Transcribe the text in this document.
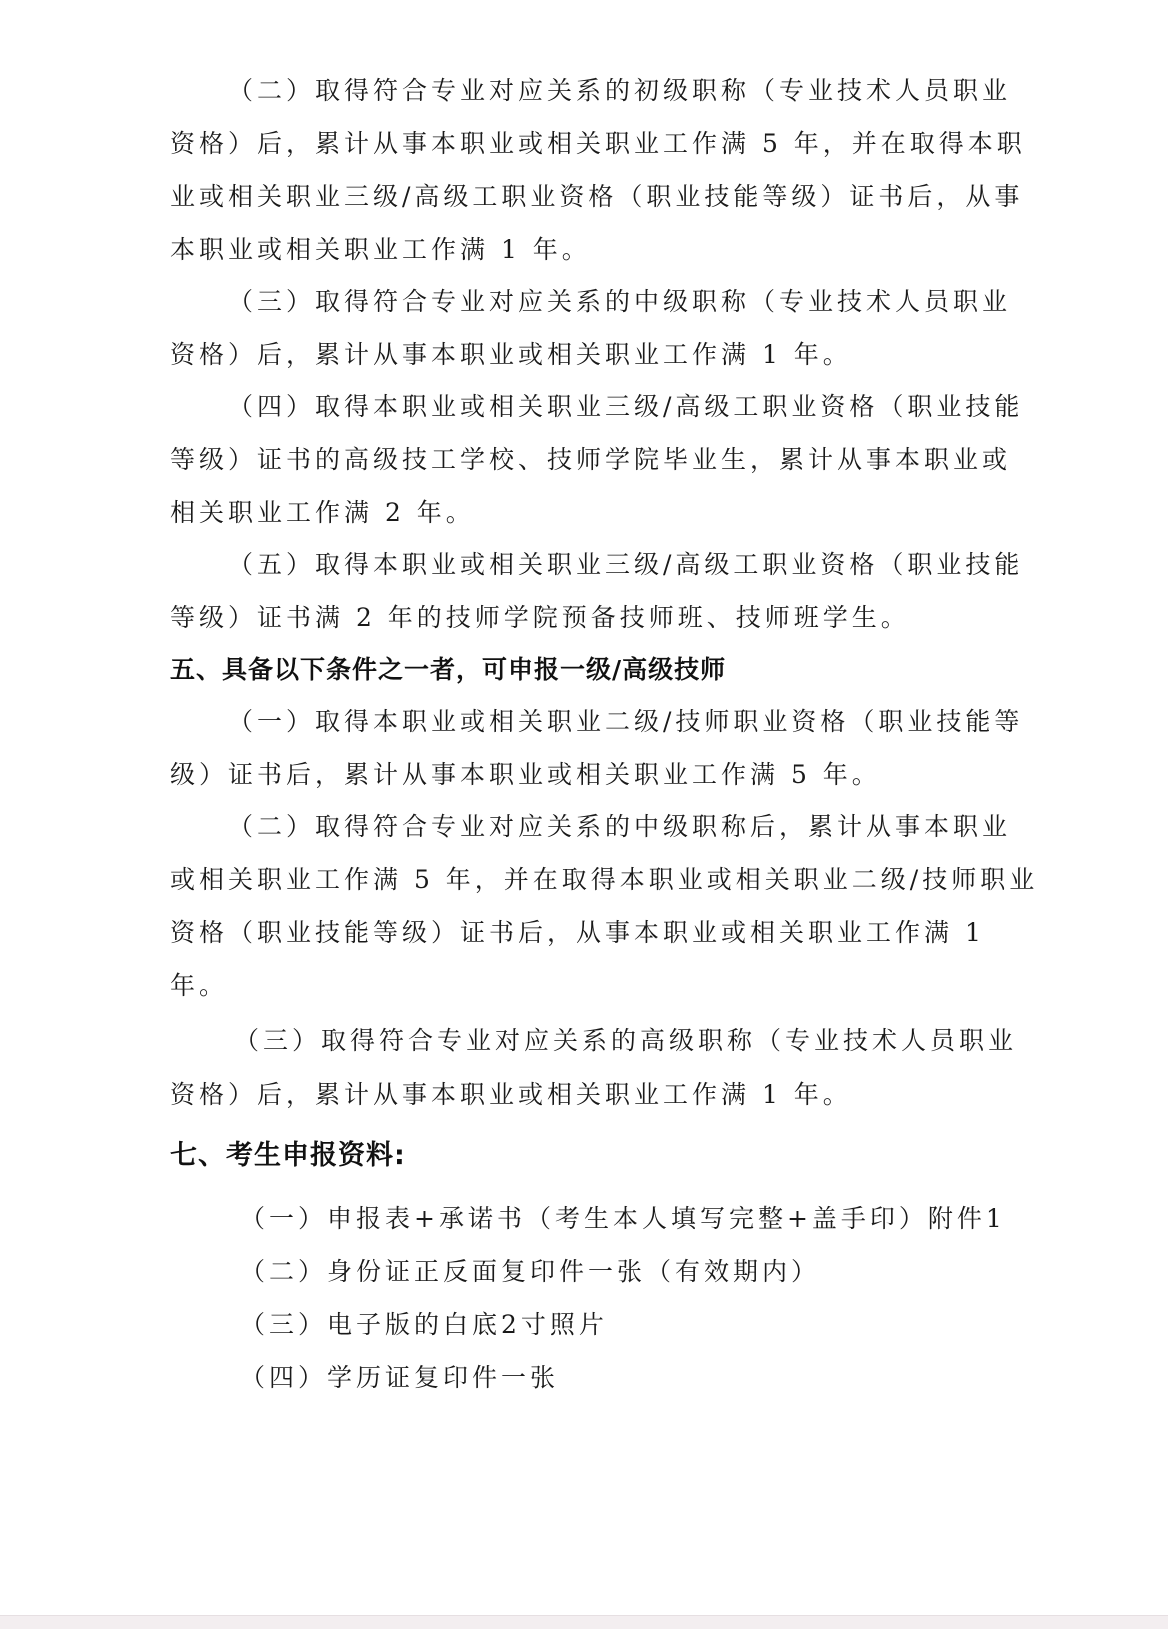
（二）取得符合专业对应关系的初级职称（专业技术人员职业
资格）后，累计从事本职业或相关职业工作满 5 年，并在取得本职
业或相关职业三级/高级工职业资格（职业技能等级）证书后，从事
本职业或相关职业工作满 1 年。
（三）取得符合专业对应关系的中级职称（专业技术人员职业
资格）后，累计从事本职业或相关职业工作满 1 年。
（四）取得本职业或相关职业三级/高级工职业资格（职业技能
等级）证书的高级技工学校、技师学院毕业生，累计从事本职业或
相关职业工作满 2 年。
（五）取得本职业或相关职业三级/高级工职业资格（职业技能
等级）证书满 2 年的技师学院预备技师班、技师班学生。
五、具备以下条件之一者，可申报一级/高级技师
（一）取得本职业或相关职业二级/技师职业资格（职业技能等
级）证书后，累计从事本职业或相关职业工作满 5 年。
（二）取得符合专业对应关系的中级职称后，累计从事本职业
或相关职业工作满 5 年，并在取得本职业或相关职业二级/技师职业
资格（职业技能等级）证书后，从事本职业或相关职业工作满 1
年。
（三）取得符合专业对应关系的高级职称（专业技术人员职业
资格）后，累计从事本职业或相关职业工作满 1 年。
七、考生申报资料:
（一）申报表+承诺书（考生本人填写完整+盖手印）附件1
（二）身份证正反面复印件一张（有效期内）
（三）电子版的白底2寸照片
（四）学历证复印件一张
